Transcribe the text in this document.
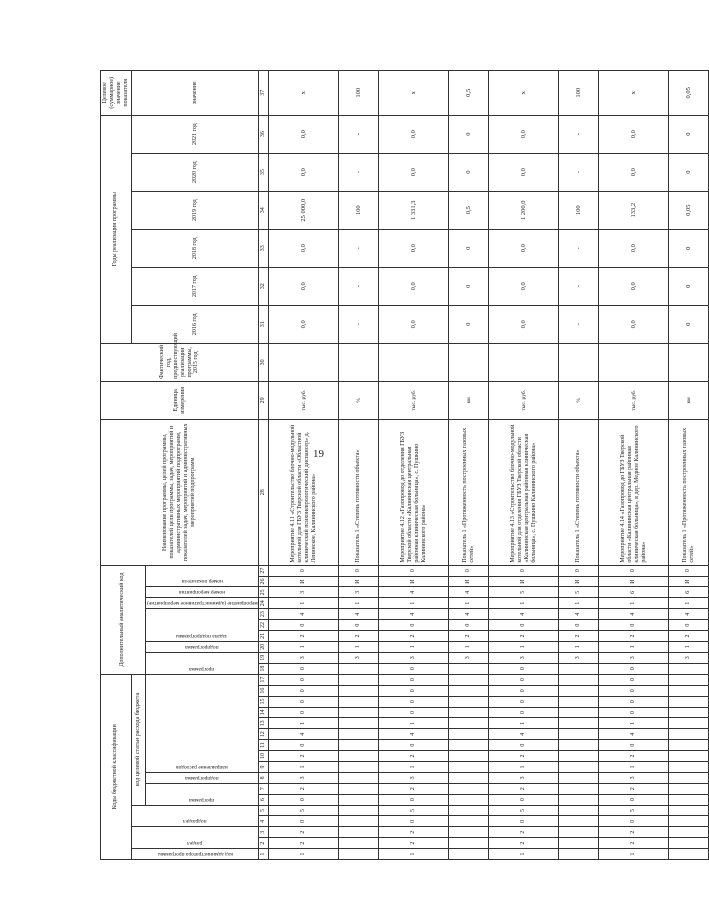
19
Коды бюджетной классификации																	Дополнительный аналитический код										Наименование программы, целей программы, показателей цели программы, задач, мероприятий и административных мероприятий подпрограмм, показателей задач, мероприятий и административных мероприятий подпрограмм	Единица измерения	Фактический год, предшествующий реализации программы, 2015 год	Годы реализации программы						Целевое (суммарное) значение показателя

код администратора программы	раздел		подраздел		код целевой статьи расхода бюджета																									2016 год	2017 год	2018 год	2019 год	2020 год	2021 год	значение

					программа		подпрограмма	направление расходов									программа		подпрограмма	задача подпрограммы			мероприятие (административное мероприятие)	номер мероприятия	номер показателя											

1	2	3	4	5	6	7	8	9	10	11	12	13	14	15	16	17	18	19	20	21	22	23	24	25	26	27	28	29	30	31	32	33	34	35	36	37
1	2	2	0	5	0	2	3	1	2	0	4	1	0	0	0	0	0	3	1	2	0	4	1	3	И	0	Мероприятие 4.11 «Строительство блочно-модульной котельной для ГБУЗ Тверской области «Областной клинический психоневрологический диспансер» д. Ленинское, Калининского района»	тыс. руб.		0,0	0,0	0,0	25 000,0	0,0	0,0	x
																		3	1	2	0	4	1	3	И	0	Показатель 1 «Степень готовности объекта»	%		-	-	-	100	-	-	100
1	2	2	0	5	0	2	3	1	2	0	4	1	0	0	0	0	0	3	1	2	0	4	1	4	И	0	Мероприятие 4.12 «Газопровод до отделения ГБУЗ Тверской области «Калининская центральная районная клиническая больница», с. Пушкино Калининского района»	тыс. руб.		0,0	0,0	0,0	1 331,3	0,0	0,0	x
																		3	1	2	0	4	1	4	И	0	Показатель 1 «Протяженность построенных газовых сетей»	км		0	0	0	0,5	0	0	0,5
1	2	2	0	5	0	2	3	1	2	0	4	1	0	0	0	0	0	3	1	2	0	4	1	5	И	0	Мероприятие 4.13 «Строительство блочно-модульной котельной для отделения ГБУЗ Тверской области «Калининская центральная районная клиническая больница», с. Пушкино Калининского района»	тыс. руб.		0,0	0,0	0,0	1 200,0	0,0	0,0	x
																		3	1	2	0	4	1	5	И	0	Показатель 1 «Степень готовности объекта»	%		-	-	-	100	-	-	100
1	2	2	0	5	0	2	3	1	2	0	4	1	0	0	0	0	0	3	1	2	0	4	1	6	И	0	Мероприятие 4.14 «Газопровод до ГБУЗ Тверской области «Калининская центральная районная клиническая больница», в дер. Медное Калининского района»	тыс. руб.		0,0	0,0	0,0	133,2	0,0	0,0	x
																		3	1	2	0	4	1	6	И	0	Показатель 1 «Протяженность построенных газовых сетей»	км		0	0	0	0,05	0	0	0,05
